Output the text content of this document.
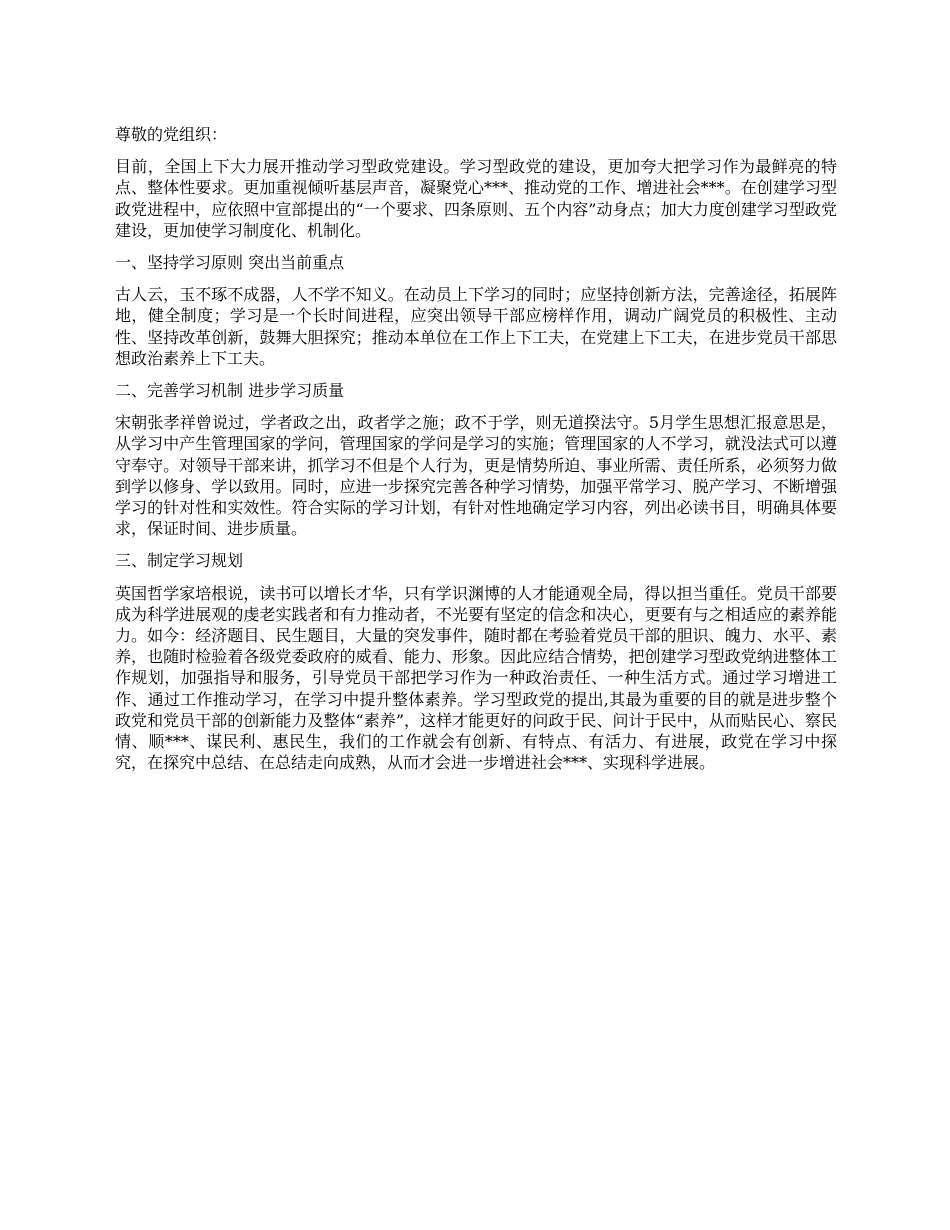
尊敬的党组织：

目前，全国上下大力展开推动学习型政党建设。学习型政党的建设，更加夸大把学习作为最鲜亮的特点、整体性要求。更加重视倾听基层声音，凝聚党心***、推动党的工作、增进社会***。在创建学习型政党进程中，应依照中宣部提出的“一个要求、四条原则、五个内容”动身点；加大力度创建学习型政党建设，更加使学习制度化、机制化。

一、坚持学习原则 突出当前重点

古人云，玉不琢不成器，人不学不知义。在动员上下学习的同时；应坚持创新方法，完善途径，拓展阵地，健全制度；学习是一个长时间进程，应突出领导干部应榜样作用，调动广阔党员的积极性、主动性、坚持改革创新，鼓舞大胆探究；推动本单位在工作上下工夫，在党建上下工夫，在进步党员干部思想政治素养上下工夫。

二、完善学习机制 进步学习质量

宋朝张孝祥曾说过，学者政之出，政者学之施；政不于学，则无道揆法守。5月学生思想汇报意思是，从学习中产生管理国家的学问，管理国家的学问是学习的实施；管理国家的人不学习，就没法式可以遵守奉守。对领导干部来讲，抓学习不但是个人行为，更是情势所迫、事业所需、责任所系，必须努力做到学以修身、学以致用。同时，应进一步探究完善各种学习情势，加强平常学习、脱产学习、不断增强学习的针对性和实效性。符合实际的学习计划，有针对性地确定学习内容，列出必读书目，明确具体要求，保证时间、进步质量。

三、制定学习规划

英国哲学家培根说，读书可以增长才华，只有学识渊博的人才能通观全局，得以担当重任。党员干部要成为科学进展观的虔老实践者和有力推动者，不光要有坚定的信念和决心，更要有与之相适应的素养能力。如今：经济题目、民生题目，大量的突发事件，随时都在考验着党员干部的胆识、魄力、水平、素养，也随时检验着各级党委政府的威看、能力、形象。因此应结合情势，把创建学习型政党纳进整体工作规划，加强指导和服务，引导党员干部把学习作为一种政治责任、一种生活方式。通过学习增进工作、通过工作推动学习，在学习中提升整体素养。学习型政党的提出,其最为重要的目的就是进步整个政党和党员干部的创新能力及整体“素养”，这样才能更好的问政于民、问计于民中，从而贴民心、察民情、顺***、谋民利、惠民生，我们的工作就会有创新、有特点、有活力、有进展，政党在学习中探究，在探究中总结、在总结走向成熟，从而才会进一步增进社会***、实现科学进展。
